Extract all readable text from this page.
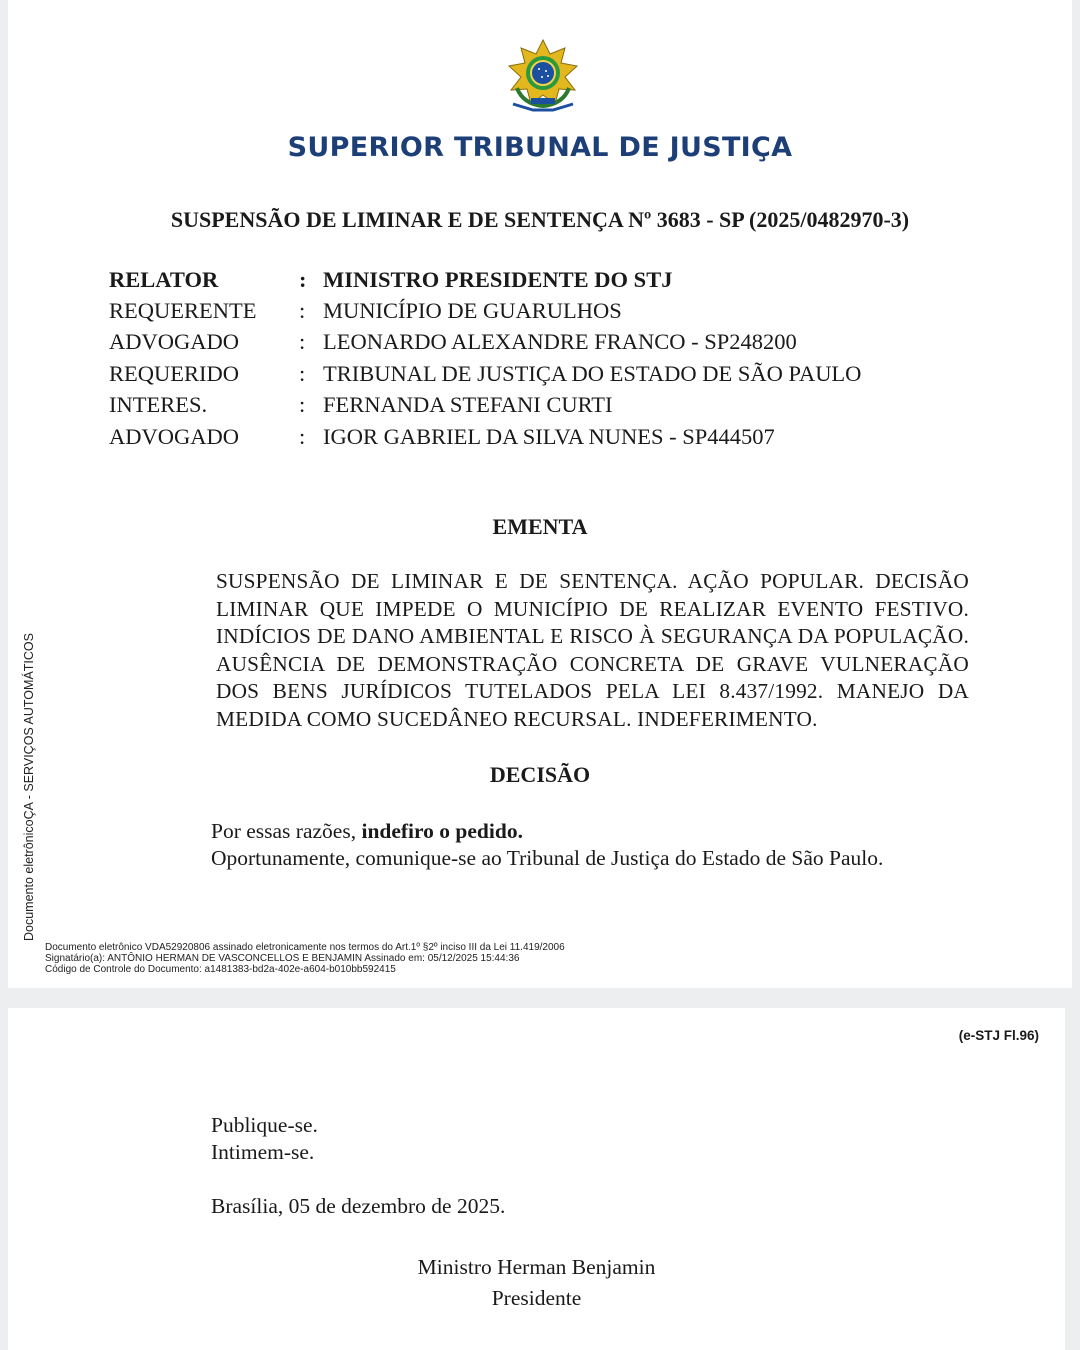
SUPERIOR TRIBUNAL DE JUSTIÇA
SUSPENSÃO DE LIMINAR E DE SENTENÇA Nº 3683 - SP (2025/0482970-3)
RELATOR	: MINISTRO PRESIDENTE DO STJ
REQUERENTE	: MUNICÍPIO DE GUARULHOS
ADVOGADO	: LEONARDO ALEXANDRE FRANCO - SP248200
REQUERIDO	: TRIBUNAL DE JUSTIÇA DO ESTADO DE SÃO PAULO
INTERES.	: FERNANDA STEFANI CURTI
ADVOGADO	: IGOR GABRIEL DA SILVA NUNES - SP444507
EMENTA
SUSPENSÃO DE LIMINAR E DE SENTENÇA. AÇÃO POPULAR. DECISÃO LIMINAR QUE IMPEDE O MUNICÍPIO DE REALIZAR EVENTO FESTIVO. INDÍCIOS DE DANO AMBIENTAL E RISCO À SEGURANÇA DA POPULAÇÃO. AUSÊNCIA DE DEMONSTRAÇÃO CONCRETA DE GRAVE VULNERAÇÃO DOS BENS JURÍDICOS TUTELADOS PELA LEI 8.437/1992. MANEJO DA MEDIDA COMO SUCEDÂNEO RECURSAL. INDEFERIMENTO.
DECISÃO
Por essas razões, indefiro o pedido.
Oportunamente, comunique-se ao Tribunal de Justiça do Estado de São Paulo.
Documento eletrônicoÇA - SERVIÇOS AUTOMÁTICOS
Documento eletrônico VDA52920806 assinado eletronicamente nos termos do Art.1º §2º inciso III da Lei 11.419/2006
Signatário(a): ANTÔNIO HERMAN DE VASCONCELLOS E BENJAMIN Assinado em: 05/12/2025 15:44:36
Código de Controle do Documento: a1481383-bd2a-402e-a604-b010bb592415
(e-STJ Fl.96)
Publique-se.
Intimem-se.
Brasília, 05 de dezembro de 2025.
Ministro Herman Benjamin
Presidente
